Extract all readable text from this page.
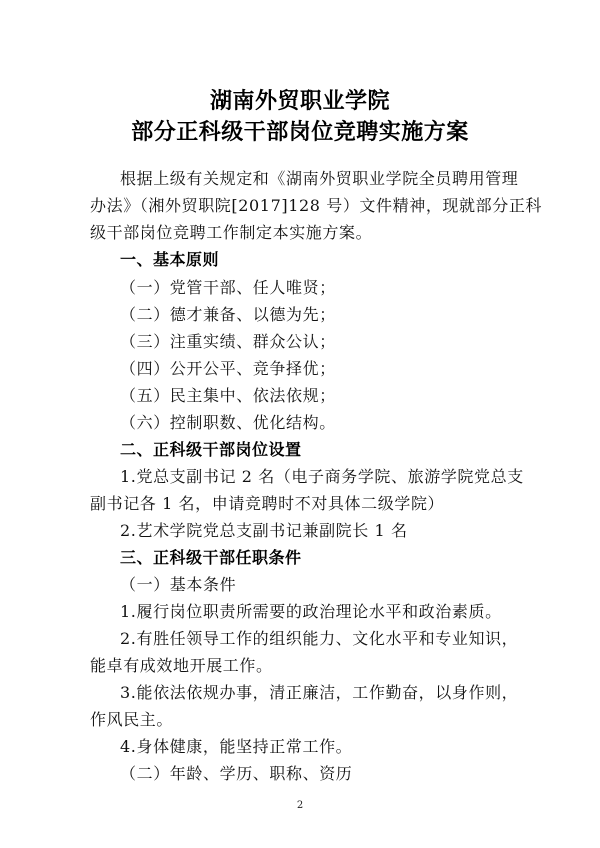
湖南外贸职业学院
部分正科级干部岗位竞聘实施方案
根据上级有关规定和《湖南外贸职业学院全员聘用管理
办法》（湘外贸职院[2017]128 号）文件精神，现就部分正科
级干部岗位竞聘工作制定本实施方案。
一、基本原则
（一）党管干部、任人唯贤；
（二）德才兼备、以德为先；
（三）注重实绩、群众公认；
（四）公开公平、竞争择优；
（五）民主集中、依法依规；
（六）控制职数、优化结构。
二、正科级干部岗位设置
1.党总支副书记 2 名（电子商务学院、旅游学院党总支
副书记各 1 名，申请竞聘时不对具体二级学院）
2.艺术学院党总支副书记兼副院长 1 名
三、正科级干部任职条件
（一）基本条件
1.履行岗位职责所需要的政治理论水平和政治素质。
2.有胜任领导工作的组织能力、文化水平和专业知识，
能卓有成效地开展工作。
3.能依法依规办事，清正廉洁，工作勤奋，以身作则，
作风民主。
4.身体健康，能坚持正常工作。
（二）年龄、学历、职称、资历
2
